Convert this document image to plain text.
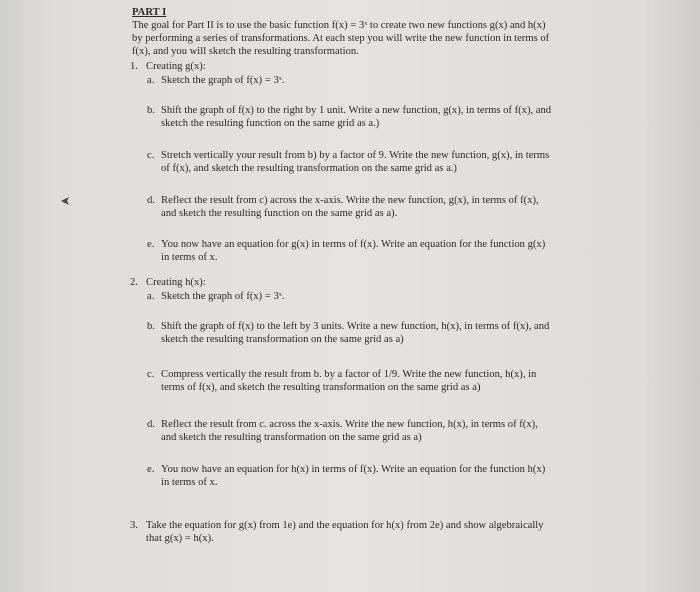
PART I
The goal for Part II is to use the basic function f(x) = 3ˣ to create two new functions g(x) and h(x) by performing a series of transformations. At each step you will write the new function in terms of f(x), and you will sketch the resulting transformation.
1. Creating g(x):
a. Sketch the graph of f(x) = 3ˣ.
b. Shift the graph of f(x) to the right by 1 unit. Write a new function, g(x), in terms of f(x), and sketch the resulting function on the same grid as a.)
c. Stretch vertically your result from b) by a factor of 9. Write the new function, g(x), in terms of f(x), and sketch the resulting transformation on the same grid as a.)
d. Reflect the result from c) across the x-axis. Write the new function, g(x), in terms of f(x), and sketch the resulting function on the same grid as a).
e. You now have an equation for g(x) in terms of f(x). Write an equation for the function g(x) in terms of x.
2. Creating h(x):
a. Sketch the graph of f(x) = 3ˣ.
b. Shift the graph of f(x) to the left by 3 units. Write a new function, h(x), in terms of f(x), and sketch the resulting transformation on the same grid as a)
c. Compress vertically the result from b. by a factor of 1/9. Write the new function, h(x), in terms of f(x), and sketch the resulting transformation on the same grid as a)
d. Reflect the result from c. across the x-axis. Write the new function, h(x), in terms of f(x), and sketch the resulting transformation on the same grid as a)
e. You now have an equation for h(x) in terms of f(x). Write an equation for the function h(x) in terms of x.
3. Take the equation for g(x) from 1e) and the equation for h(x) from 2e) and show algebraically that g(x) = h(x).
